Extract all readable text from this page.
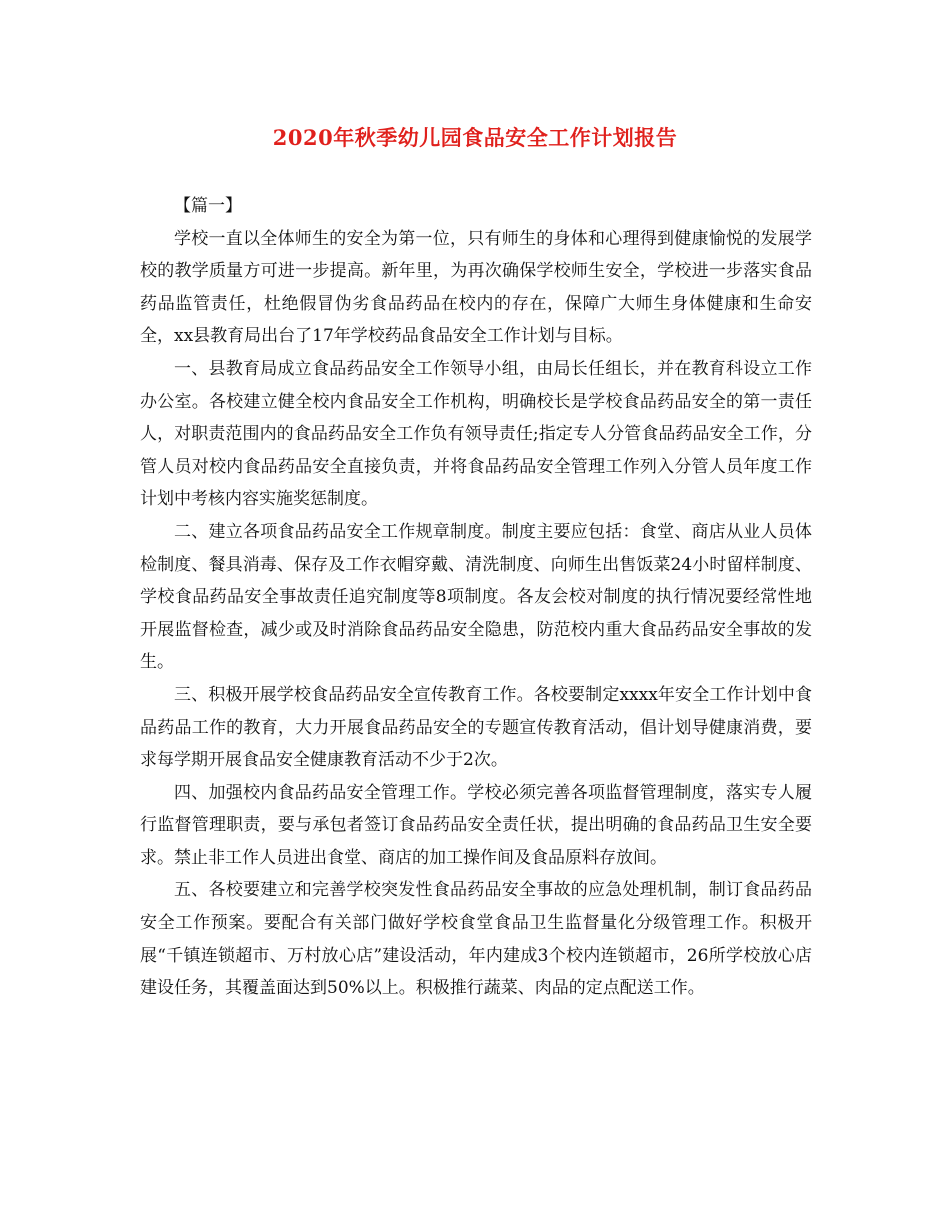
2020年秋季幼儿园食品安全工作计划报告

【篇一】

学校一直以全体师生的安全为第一位，只有师生的身体和心理得到健康愉悦的发展学校的教学质量方可进一步提高。新年里，为再次确保学校师生安全，学校进一步落实食品药品监管责任，杜绝假冒伪劣食品药品在校内的存在，保障广大师生身体健康和生命安全，xx县教育局出台了17年学校药品食品安全工作计划与目标。

一、县教育局成立食品药品安全工作领导小组，由局长任组长，并在教育科设立工作办公室。各校建立健全校内食品安全工作机构，明确校长是学校食品药品安全的第一责任人，对职责范围内的食品药品安全工作负有领导责任;指定专人分管食品药品安全工作，分管人员对校内食品药品安全直接负责，并将食品药品安全管理工作列入分管人员年度工作计划中考核内容实施奖惩制度。

二、建立各项食品药品安全工作规章制度。制度主要应包括：食堂、商店从业人员体检制度、餐具消毒、保存及工作衣帽穿戴、清洗制度、向师生出售饭菜24小时留样制度、学校食品药品安全事故责任追究制度等8项制度。各友会校对制度的执行情况要经常性地开展监督检查，减少或及时消除食品药品安全隐患，防范校内重大食品药品安全事故的发生。

三、积极开展学校食品药品安全宣传教育工作。各校要制定xxxx年安全工作计划中食品药品工作的教育，大力开展食品药品安全的专题宣传教育活动，倡计划导健康消费，要求每学期开展食品安全健康教育活动不少于2次。

四、加强校内食品药品安全管理工作。学校必须完善各项监督管理制度，落实专人履行监督管理职责，要与承包者签订食品药品安全责任状，提出明确的食品药品卫生安全要求。禁止非工作人员进出食堂、商店的加工操作间及食品原料存放间。

五、各校要建立和完善学校突发性食品药品安全事故的应急处理机制，制订食品药品安全工作预案。要配合有关部门做好学校食堂食品卫生监督量化分级管理工作。积极开展“千镇连锁超市、万村放心店”建设活动，年内建成3个校内连锁超市，26所学校放心店建设任务，其覆盖面达到50%以上。积极推行蔬菜、肉品的定点配送工作。
